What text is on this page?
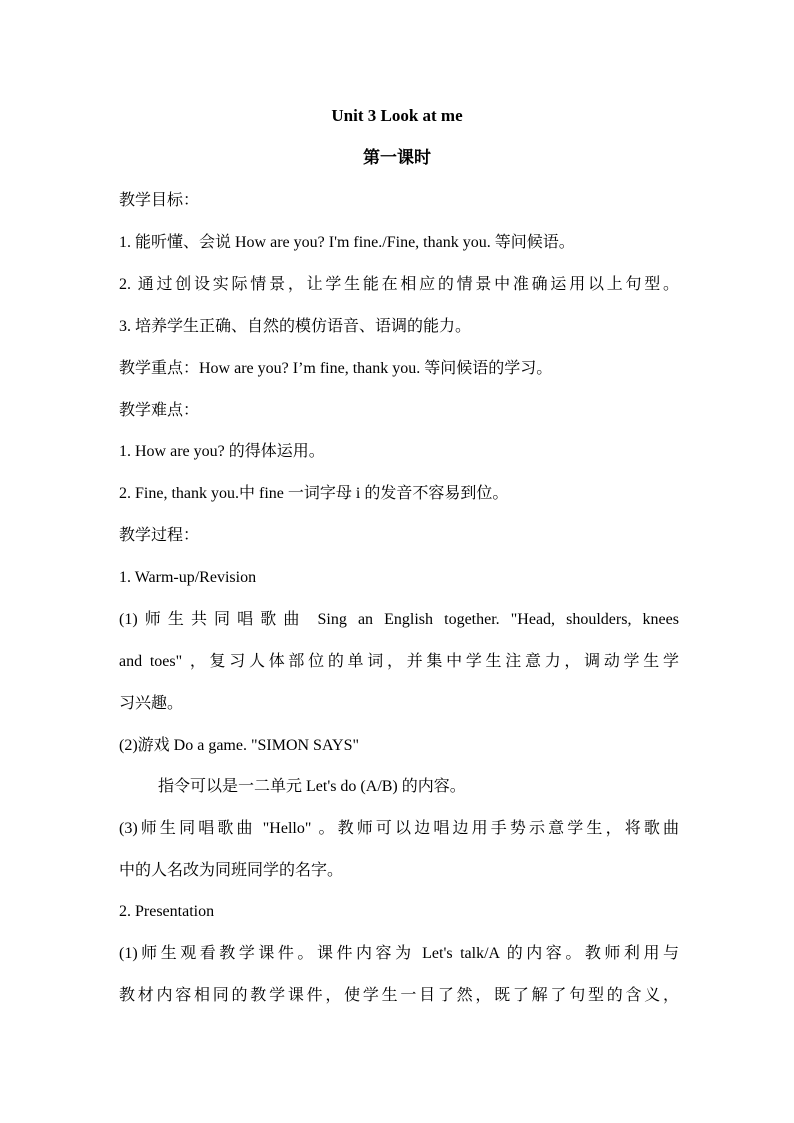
Unit 3 Look at me
第一课时
教学目标：
1. 能听懂、会说 How are you? I'm fine./Fine, thank you. 等问候语。
2. 通过创设实际情景，让学生能在相应的情景中准确运用以上句型。
3. 培养学生正确、自然的模仿语音、语调的能力。
教学重点：How are you? I’m fine, thank you. 等问候语的学习。
教学难点：
1. How are you? 的得体运用。
2. Fine, thank you.中 fine 一词字母 i 的发音不容易到位。
教学过程：
1. Warm-up/Revision
(1)师生共同唱歌曲 Sing an English together. "Head, shoulders, knees
and toes" ，复习人体部位的单词，并集中学生注意力，调动学生学
习兴趣。
(2)游戏 Do a game. "SIMON SAYS"
指令可以是一二单元 Let's do (A/B) 的内容。
(3)师生同唱歌曲 "Hello" 。教师可以边唱边用手势示意学生，将歌曲
中的人名改为同班同学的名字。
2. Presentation
(1)师生观看教学课件。课件内容为 Let's talk/A 的内容。教师利用与
教材内容相同的教学课件，使学生一目了然，既了解了句型的含义，
